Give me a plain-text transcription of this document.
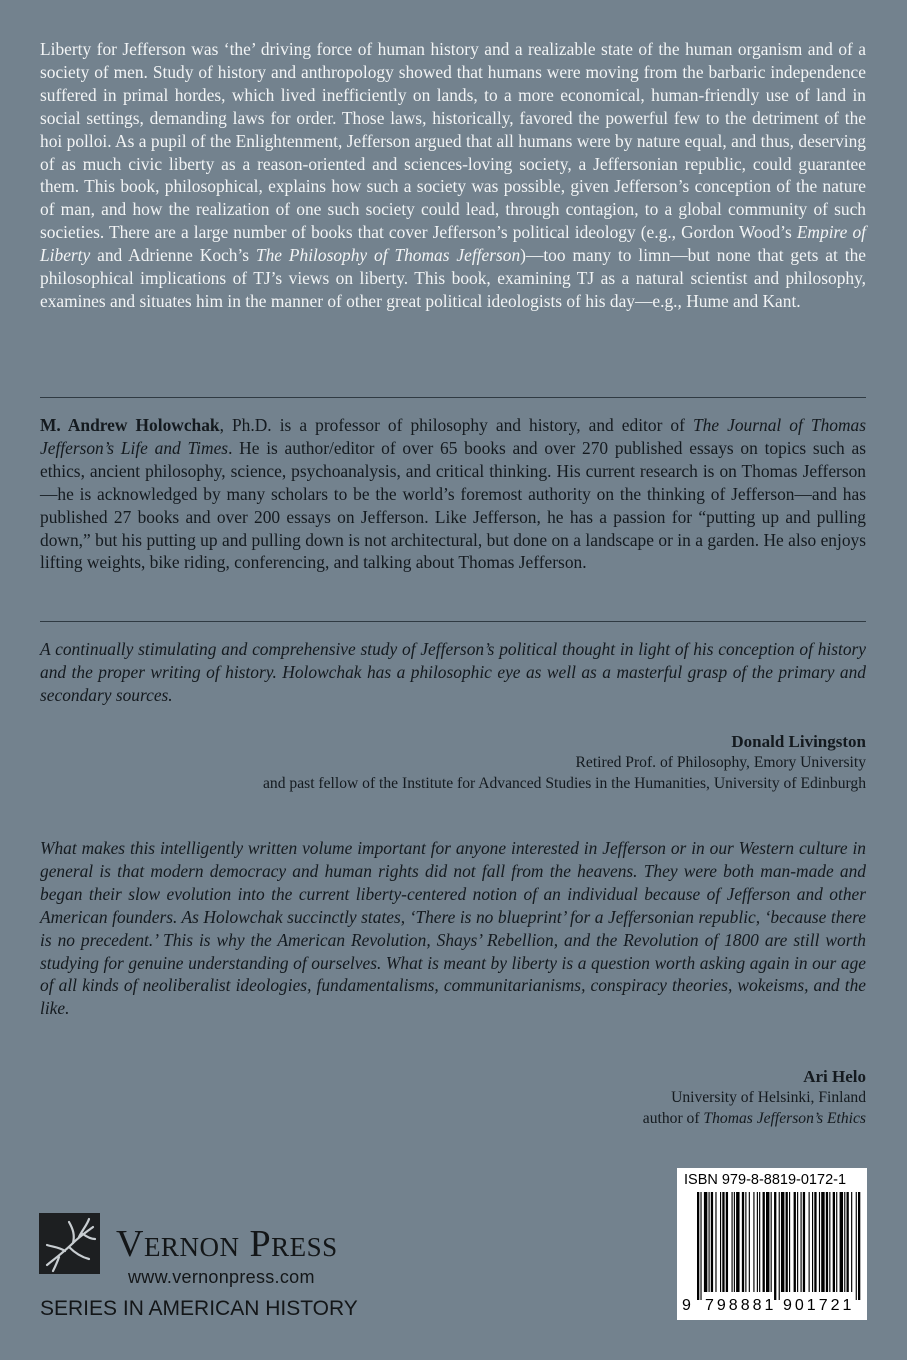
Liberty for Jefferson was ‘the’ driving force of human history and a realizable state of the human organism and of a society of men. Study of history and anthropology showed that humans were moving from the barbaric independence suffered in primal hordes, which lived inefficiently on lands, to a more economical, human-friendly use of land in social settings, demanding laws for order. Those laws, historically, favored the powerful few to the detriment of the hoi polloi. As a pupil of the Enlightenment, Jefferson argued that all humans were by nature equal, and thus, deserving of as much civic liberty as a reason-oriented and sciences-loving society, a Jeffersonian republic, could guarantee them. This book, philosophical, explains how such a society was possible, given Jefferson’s conception of the nature of man, and how the realization of one such society could lead, through contagion, to a global community of such societies. There are a large number of books that cover Jefferson’s political ideology (e.g., Gordon Wood’s Empire of Liberty and Adrienne Koch’s The Philosophy of Thomas Jefferson)—too many to limn—but none that gets at the philosophical implications of TJ’s views on liberty. This book, examining TJ as a natural scientist and philosophy, examines and situates him in the manner of other great political ideologists of his day—e.g., Hume and Kant.

M. Andrew Holowchak, Ph.D. is a professor of philosophy and history, and editor of The Journal of Thomas Jefferson’s Life and Times. He is author/editor of over 65 books and over 270 published essays on topics such as ethics, ancient philosophy, science, psychoanalysis, and critical thinking. His current research is on Thomas Jefferson—he is acknowledged by many scholars to be the world’s foremost authority on the thinking of Jefferson—and has published 27 books and over 200 essays on Jefferson. Like Jefferson, he has a passion for “putting up and pulling down,” but his putting up and pulling down is not architectural, but done on a landscape or in a garden. He also enjoys lifting weights, bike riding, conferencing, and talking about Thomas Jefferson.

A continually stimulating and comprehensive study of Jefferson’s political thought in light of his conception of history and the proper writing of history. Holowchak has a philosophic eye as well as a masterful grasp of the primary and secondary sources.

Donald Livingston
Retired Prof. of Philosophy, Emory University
and past fellow of the Institute for Advanced Studies in the Humanities, University of Edinburgh

What makes this intelligently written volume important for anyone interested in Jefferson or in our Western culture in general is that modern democracy and human rights did not fall from the heavens. They were both man-made and began their slow evolution into the current liberty-centered notion of an individual because of Jefferson and other American founders. As Holowchak succinctly states, ‘There is no blueprint’ for a Jeffersonian republic, ‘because there is no precedent.’ This is why the American Revolution, Shays’ Rebellion, and the Revolution of 1800 are still worth studying for genuine understanding of ourselves. What is meant by liberty is a question worth asking again in our age of all kinds of neoliberalist ideologies, fundamentalisms, communitarianisms, conspiracy theories, wokeisms, and the like.

Ari Helo
University of Helsinki, Finland
author of Thomas Jefferson’s Ethics
Vernon Press
www.vernonpress.com
SERIES IN AMERICAN HISTORY
ISBN 979-8-8819-0172-1
9 798881 901721
